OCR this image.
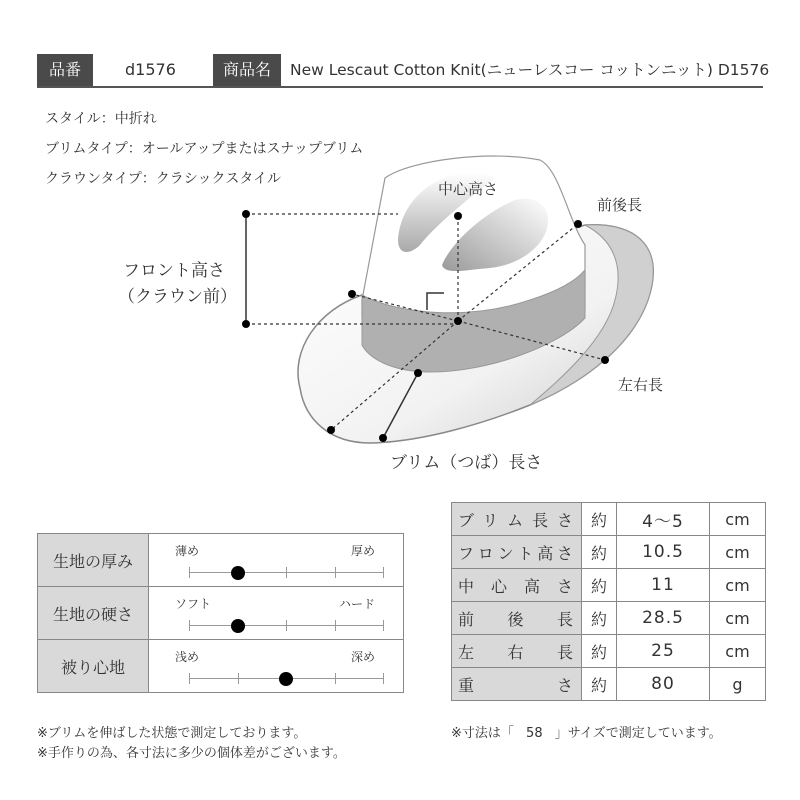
品番	d1576	商品名	New Lescaut Cotton Knit(ニューレスコー コットンニット) D1576
スタイル：中折れ
ブリムタイプ：オールアップまたはスナップブリム
クラウンタイプ：クラシックスタイル
中心高さ
前後長
フロント高さ
（クラウン前）
左右長
ブリム（つば）長さ
生地の厚み	薄め 厚め

生地の硬さ	ソフト ハード

被り心地	浅め 深め
ブリム長さ	約	4～5	cm
フロント高さ	約	10.5	cm
中心高さ	約	11	cm
前後長	約	28.5	cm
左右長	約	25	cm
重さ	約	80	g
※ブリムを伸ばした状態で測定しております。
※手作りの為、各寸法に多少の個体差がございます。
※寸法は「 58 」サイズで測定しています。
